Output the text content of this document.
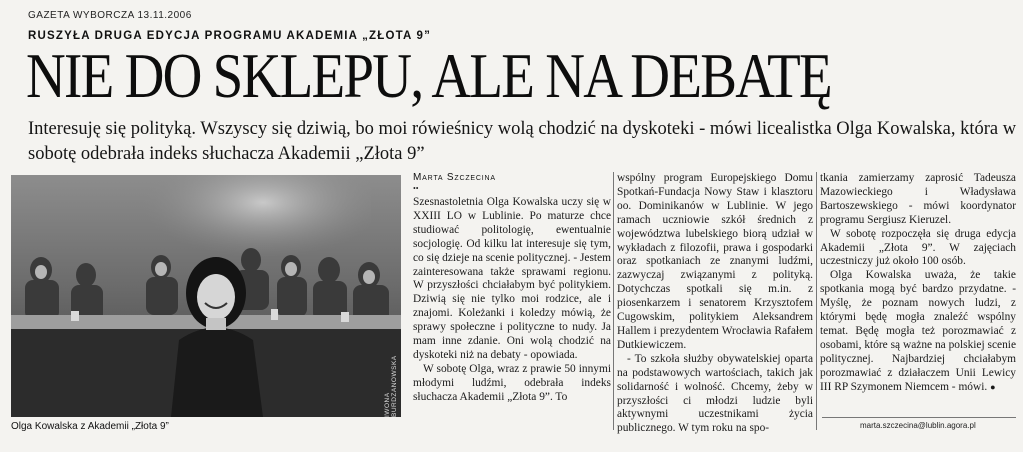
GAZETA WYBORCZA 13.11.2006
RUSZYŁA DRUGA EDYCJA PROGRAMU AKADEMIA „ZŁOTA 9”
NIE DO SKLEPU, ALE NA DEBATĘ
Interesuję się polityką. Wszyscy się dziwią, bo moi rówieśnicy wolą chodzić na dyskoteki - mówi licealistka Olga Kowalska, która w sobotę odebrała indeks słuchacza Akademii „Złota 9”
IWONA BURDZANOWSKA
Olga Kowalska z Akademii „Złota 9”
Marta Szczecina
••

Szesnastoletnia Olga Kowalska uczy się w XXIII LO w Lublinie. Po maturze chce studiować politologię, ewentualnie socjologię. Od kilku lat interesuje się tym, co się dzieje na scenie politycznej. - Jestem zainteresowana także sprawami regionu. W przyszłości chciałabym być politykiem. Dziwią się nie tylko moi rodzice, ale i znajomi. Koleżanki i koledzy mówią, że sprawy społeczne i polityczne to nudy. Ja mam inne zdanie. Oni wolą chodzić na dyskoteki niż na debaty - opowiada.

W sobotę Olga, wraz z prawie 50 innymi młodymi ludźmi, odebrała indeks słuchacza Akademii „Złota 9”. To

wspólny program Europejskiego Domu Spotkań-Fundacja Nowy Staw i klasztoru oo. Dominikanów w Lublinie. W jego ramach uczniowie szkół średnich z województwa lubelskiego biorą udział w wykładach z filozofii, prawa i gospodarki oraz spotkaniach ze znanymi ludźmi, zazwyczaj związanymi z polityką. Dotychczas spotkali się m.in. z piosenkarzem i senatorem Krzysztofem Cugowskim, politykiem Aleksandrem Hallem i prezydentem Wrocławia Rafałem Dutkiewiczem.

- To szkoła służby obywatelskiej oparta na podstawowych wartościach, takich jak solidarność i wolność. Chcemy, żeby w przyszłości ci młodzi ludzie byli aktywnymi uczestnikami życia publicznego. W tym roku na spo-

tkania zamierzamy zaprosić Tadeusza Mazowieckiego i Władysława Bartoszewskiego - mówi koordynator programu Sergiusz Kieruzel.

W sobotę rozpoczęła się druga edycja Akademii „Złota 9”. W zajęciach uczestniczy już około 100 osób.

Olga Kowalska uważa, że takie spotkania mogą być bardzo przydatne. - Myślę, że poznam nowych ludzi, z którymi będę mogła znaleźć wspólny temat. Będę mogła też porozmawiać z osobami, które są ważne na polskiej scenie politycznej. Najbardziej chciałabym porozmawiać z działaczem Unii Lewicy III RP Szymonem Niemcem - mówi. ●

marta.szczecina@lublin.agora.pl
